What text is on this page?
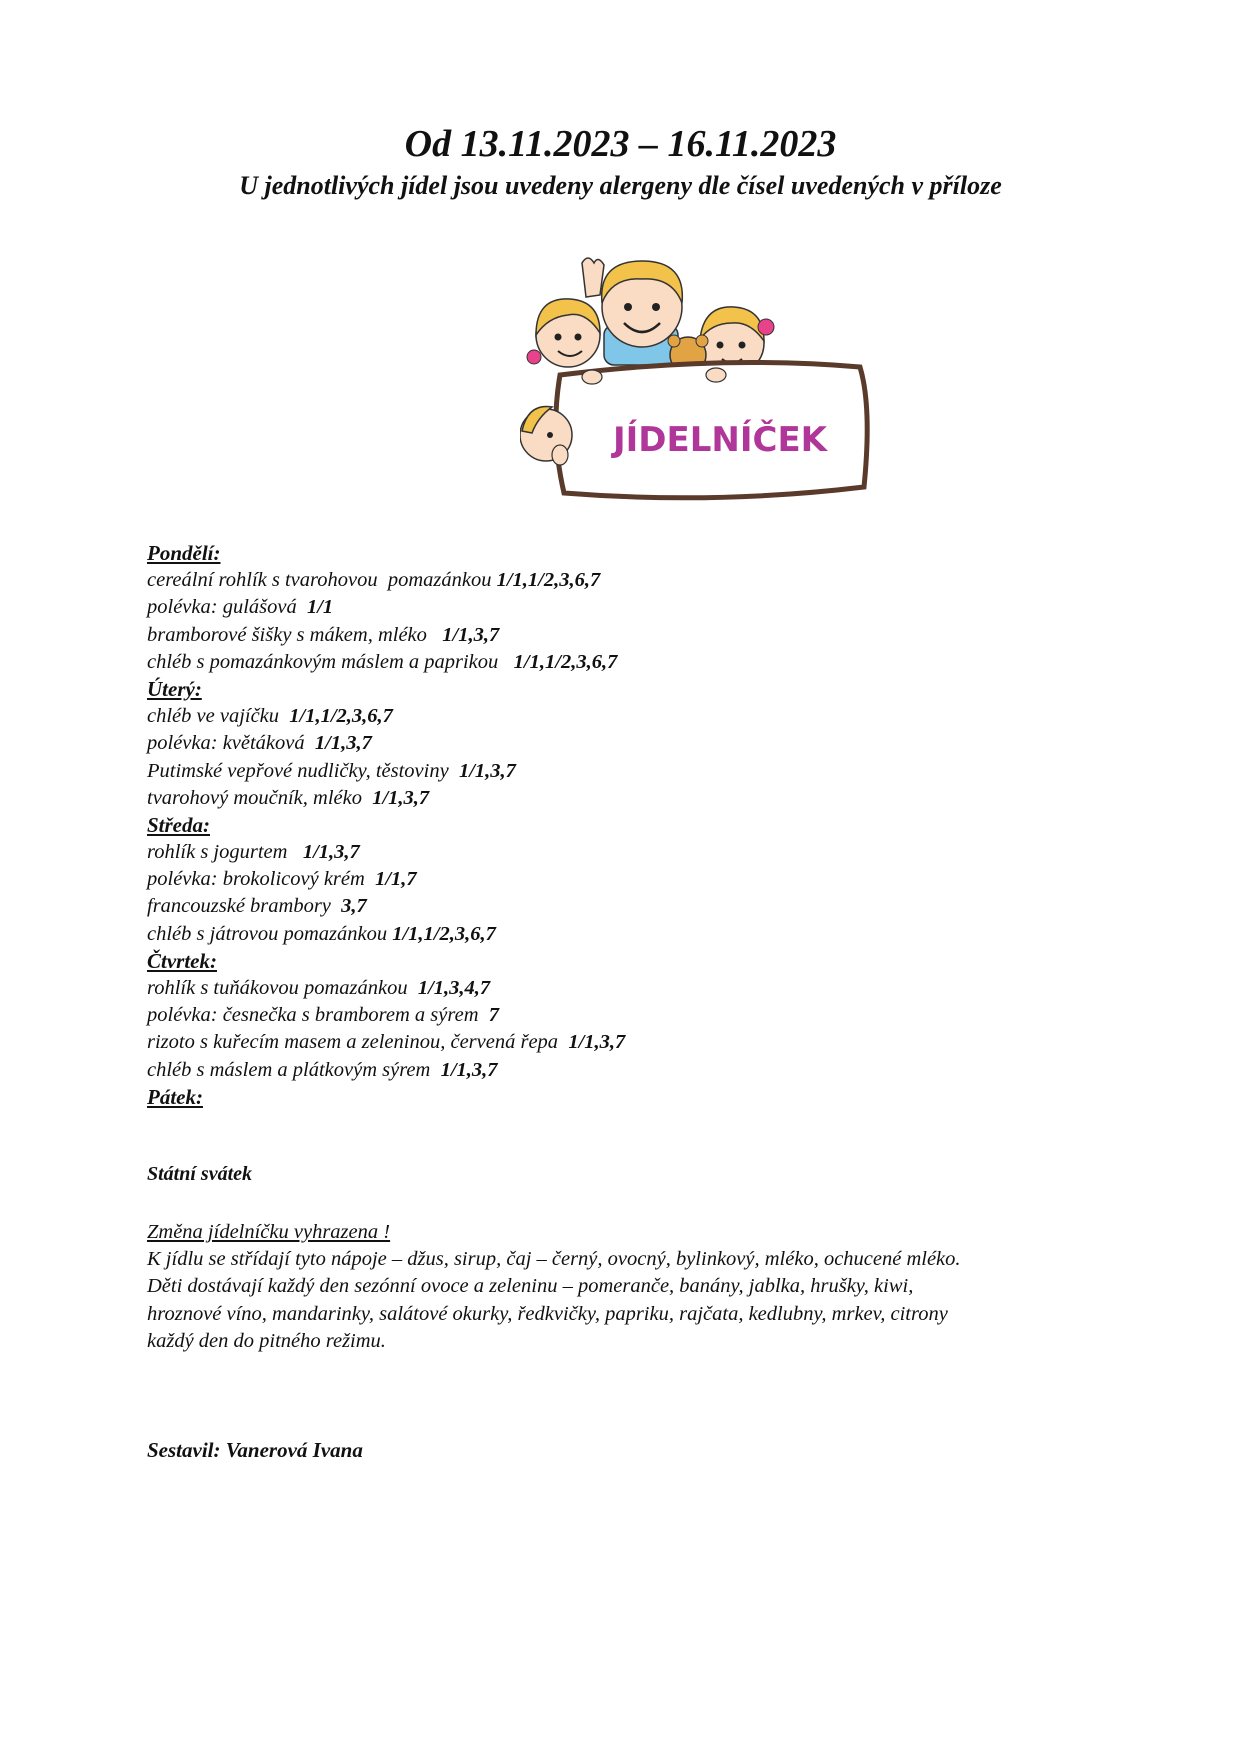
Od 13.11.2023 – 16.11.2023
U jednotlivých jídel jsou uvedeny alergeny dle čísel uvedených v příloze
JÍDELNÍČEK
Pondělí:
cereální rohlík s tvarohovou  pomazánkou 1/1,1/2,3,6,7
polévka: gulášová  1/1
bramborové šišky s mákem, mléko   1/1,3,7
chléb s pomazánkovým máslem a paprikou   1/1,1/2,3,6,7
Úterý:
chléb ve vajíčku  1/1,1/2,3,6,7
polévka: květáková  1/1,3,7
Putimské vepřové nudličky, těstoviny  1/1,3,7
tvarohový moučník, mléko  1/1,3,7
Středa:
rohlík s jogurtem   1/1,3,7
polévka: brokolicový krém  1/1,7
francouzské brambory  3,7
chléb s játrovou pomazánkou 1/1,1/2,3,6,7
Čtvrtek:
rohlík s tuňákovou pomazánkou  1/1,3,4,7
polévka: česnečka s bramborem a sýrem  7
rizoto s kuřecím masem a zeleninou, červená řepa  1/1,3,7
chléb s máslem a plátkovým sýrem  1/1,3,7
Pátek:
Státní svátek
Změna jídelníčku vyhrazena !
K jídlu se střídají tyto nápoje – džus, sirup, čaj – černý, ovocný, bylinkový, mléko, ochucené mléko.
Děti dostávají každý den sezónní ovoce a zeleninu – pomeranče, banány, jablka, hrušky, kiwi,
hroznové víno, mandarinky, salátové okurky, ředkvičky, papriku, rajčata, kedlubny, mrkev, citrony
každý den do pitného režimu.
Sestavil: Vanerová Ivana
